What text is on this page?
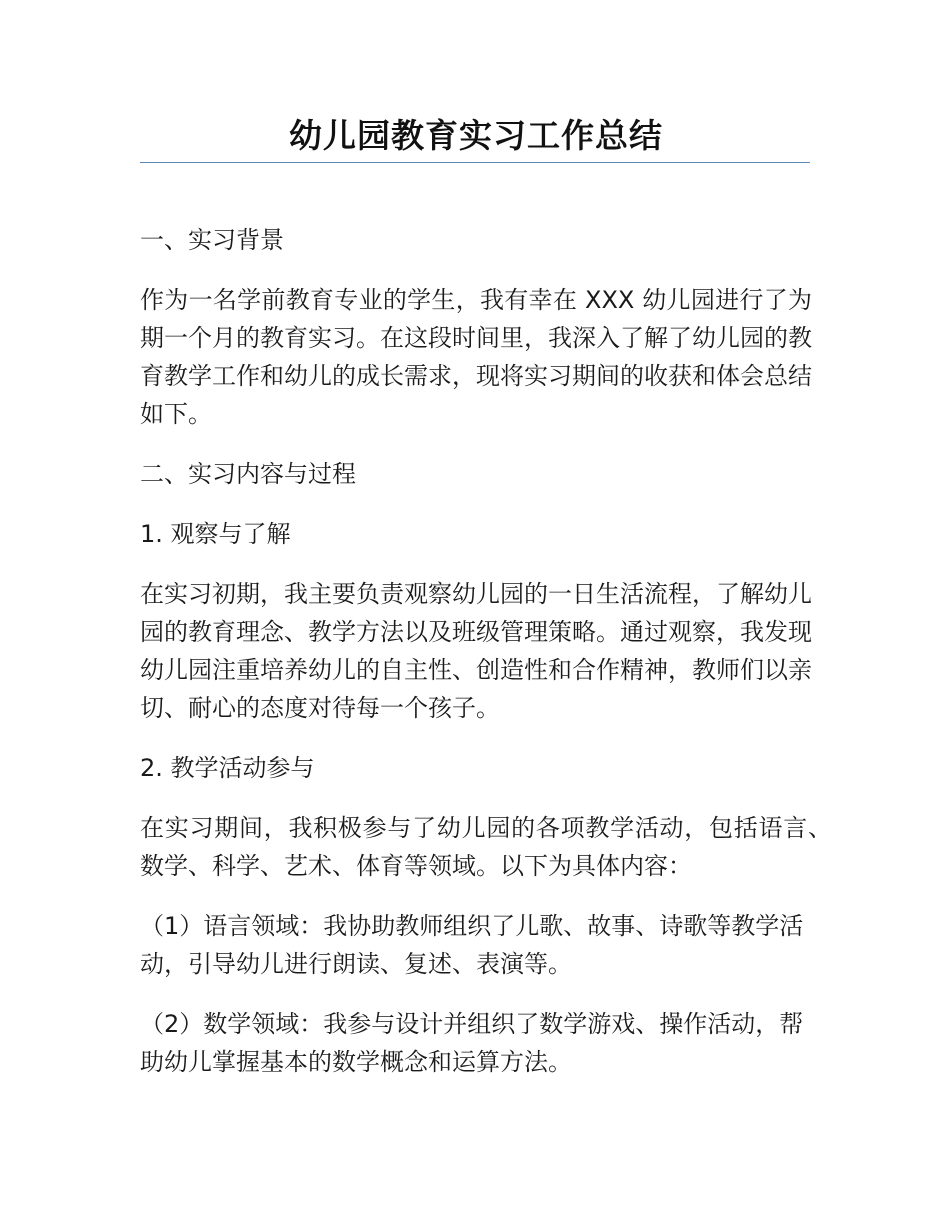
幼儿园教育实习工作总结

一、实习背景

作为一名学前教育专业的学生，我有幸在 XXX 幼儿园进行了为期一个月的教育实习。在这段时间里，我深入了解了幼儿园的教育教学工作和幼儿的成长需求，现将实习期间的收获和体会总结如下。

二、实习内容与过程

1. 观察与了解

在实习初期，我主要负责观察幼儿园的一日生活流程，了解幼儿园的教育理念、教学方法以及班级管理策略。通过观察，我发现幼儿园注重培养幼儿的自主性、创造性和合作精神，教师们以亲切、耐心的态度对待每一个孩子。

2. 教学活动参与

在实习期间，我积极参与了幼儿园的各项教学活动，包括语言、数学、科学、艺术、体育等领域。以下为具体内容：

（1）语言领域：我协助教师组织了儿歌、故事、诗歌等教学活动，引导幼儿进行朗读、复述、表演等。

（2）数学领域：我参与设计并组织了数学游戏、操作活动，帮助幼儿掌握基本的数学概念和运算方法。
